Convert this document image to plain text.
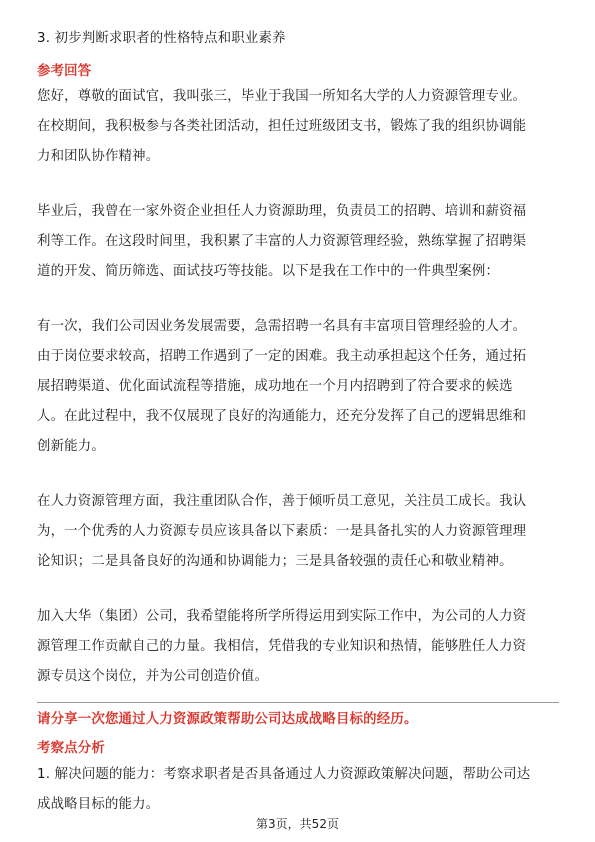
3. 初步判断求职者的性格特点和职业素养
参考回答
您好，尊敬的面试官，我叫张三，毕业于我国一所知名大学的人力资源管理专业。
在校期间，我积极参与各类社团活动，担任过班级团支书，锻炼了我的组织协调能
力和团队协作精神。
毕业后，我曾在一家外资企业担任人力资源助理，负责员工的招聘、培训和薪资福
利等工作。在这段时间里，我积累了丰富的人力资源管理经验，熟练掌握了招聘渠
道的开发、简历筛选、面试技巧等技能。以下是我在工作中的一件典型案例：
有一次，我们公司因业务发展需要，急需招聘一名具有丰富项目管理经验的人才。
由于岗位要求较高，招聘工作遇到了一定的困难。我主动承担起这个任务，通过拓
展招聘渠道、优化面试流程等措施，成功地在一个月内招聘到了符合要求的候选
人。在此过程中，我不仅展现了良好的沟通能力，还充分发挥了自己的逻辑思维和
创新能力。
在人力资源管理方面，我注重团队合作，善于倾听员工意见，关注员工成长。我认
为，一个优秀的人力资源专员应该具备以下素质：一是具备扎实的人力资源管理理
论知识；二是具备良好的沟通和协调能力；三是具备较强的责任心和敬业精神。
加入大华（集团）公司，我希望能将所学所得运用到实际工作中，为公司的人力资
源管理工作贡献自己的力量。我相信，凭借我的专业知识和热情，能够胜任人力资
源专员这个岗位，并为公司创造价值。
请分享一次您通过人力资源政策帮助公司达成战略目标的经历。
考察点分析
1. 解决问题的能力：考察求职者是否具备通过人力资源政策解决问题，帮助公司达
成战略目标的能力。
第3页，共52页
